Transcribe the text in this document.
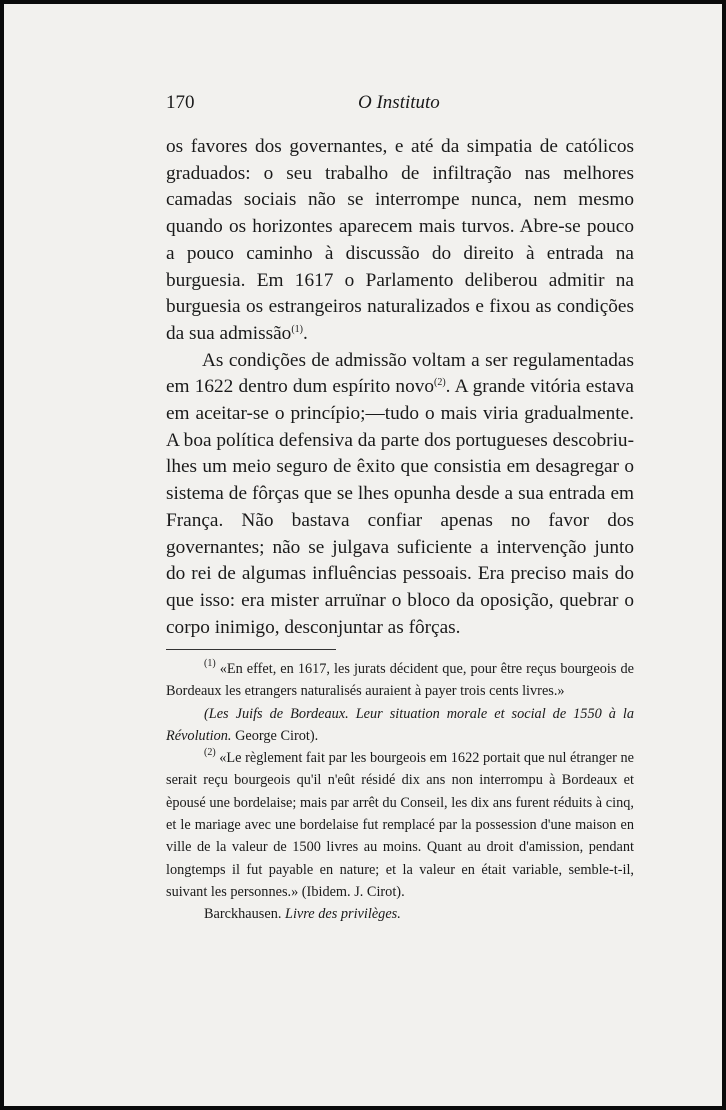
170	O Instituto

os favores dos governantes, e até da simpatia de católicos graduados: o seu trabalho de infiltração nas melhores camadas sociais não se interrompe nunca, nem mesmo quando os horizontes aparecem mais turvos. Abre-se pouco a pouco caminho à discussão do direito à entrada na burguesia. Em 1617 o Parlamento deliberou admitir na burguesia os estrangeiros naturalizados e fixou as condições da sua admissão$^{(1)}$.

As condições de admissão voltam a ser regulamentadas em 1622 dentro dum espírito novo$^{(2)}$. A grande vitória estava em aceitar-se o princípio;—tudo o mais viria gradualmente. A boa política defensiva da parte dos portugueses descobriu-lhes um meio seguro de êxito que consistia em desagregar o sistema de fôrças que se lhes opunha desde a sua entrada em França. Não bastava confiar apenas no favor dos governantes; não se julgava suficiente a intervenção junto do rei de algumas influências pessoais. Era preciso mais do que isso: era mister arruïnar o bloco da oposição, quebrar o corpo inimigo, desconjuntar as fôrças.

$^{(1)}$ «En effet, en 1617, les jurats décident que, pour être reçus bourgeois de Bordeaux les etrangers naturalisés auraient à payer trois cents livres.»

(Les Juifs de Bordeaux. Leur situation morale et social de 1550 à la Révolution. George Cirot).

$^{(2)}$ «Le règlement fait par les bourgeois em 1622 portait que nul étranger ne serait reçu bourgeois qu'il n'eût résidé dix ans non interrompu à Bordeaux et èpousé une bordelaise; mais par arrêt du Conseil, les dix ans furent réduits à cinq, et le mariage avec une bordelaise fut remplacé par la possession d'une maison en ville de la valeur de 1500 livres au moins. Quant au droit d'amission, pendant longtemps il fut payable en nature; et la valeur en était variable, semble-t-il, suivant les personnes.» (Ibidem. J. Cirot).

Barckhausen. Livre des privilèges.
